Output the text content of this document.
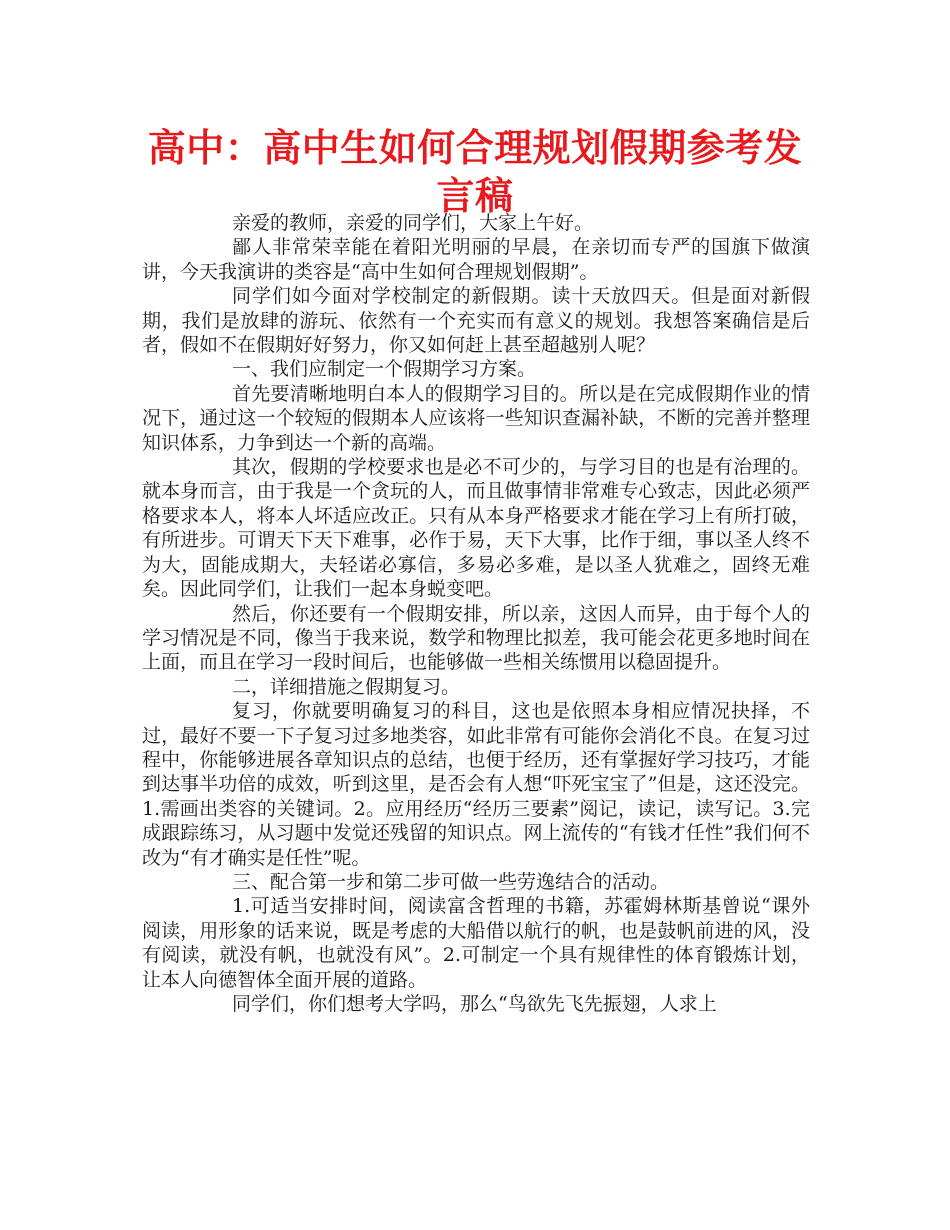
高中：高中生如何合理规划假期参考发言稿

亲爱的教师，亲爱的同学们，大家上午好。

鄙人非常荣幸能在着阳光明丽的早晨，在亲切而专严的国旗下做演讲，今天我演讲的类容是“高中生如何合理规划假期”。

同学们如今面对学校制定的新假期。读十天放四天。但是面对新假期，我们是放肆的游玩、依然有一个充实而有意义的规划。我想答案确信是后者，假如不在假期好好努力，你又如何赶上甚至超越别人呢？

一、我们应制定一个假期学习方案。

首先要清晰地明白本人的假期学习目的。所以是在完成假期作业的情况下，通过这一个较短的假期本人应该将一些知识查漏补缺，不断的完善并整理知识体系，力争到达一个新的高端。

其次，假期的学校要求也是必不可少的，与学习目的也是有治理的。就本身而言，由于我是一个贪玩的人，而且做事情非常难专心致志，因此必须严格要求本人，将本人坏适应改正。只有从本身严格要求才能在学习上有所打破，有所进步。可谓天下天下难事，必作于易，天下大事，比作于细，事以圣人终不为大，固能成期大，夫轻诺必寡信，多易必多难，是以圣人犹难之，固终无难矣。因此同学们，让我们一起本身蜕变吧。

然后，你还要有一个假期安排，所以亲，这因人而异，由于每个人的学习情况是不同，像当于我来说，数学和物理比拟差，我可能会花更多地时间在上面，而且在学习一段时间后，也能够做一些相关练惯用以稳固提升。

二，详细措施之假期复习。

复习，你就要明确复习的科目，这也是依照本身相应情况抉择，不过，最好不要一下子复习过多地类容，如此非常有可能你会消化不良。在复习过程中，你能够进展各章知识点的总结，也便于经历，还有掌握好学习技巧，才能到达事半功倍的成效，听到这里，是否会有人想“吓死宝宝了”但是，这还没完。1.需画出类容的关键词。2。应用经历“经历三要素”阅记，读记，读写记。3.完成跟踪练习，从习题中发觉还残留的知识点。网上流传的“有钱才任性”我们何不改为“有才确实是任性”呢。

三、配合第一步和第二步可做一些劳逸结合的活动。

1.可适当安排时间，阅读富含哲理的书籍，苏霍姆林斯基曾说“课外阅读，用形象的话来说，既是考虑的大船借以航行的帆，也是鼓帆前进的风，没有阅读，就没有帆，也就没有风”。2.可制定一个具有规律性的体育锻炼计划，让本人向德智体全面开展的道路。

同学们，你们想考大学吗，那么“鸟欲先飞先振翅，人求上
